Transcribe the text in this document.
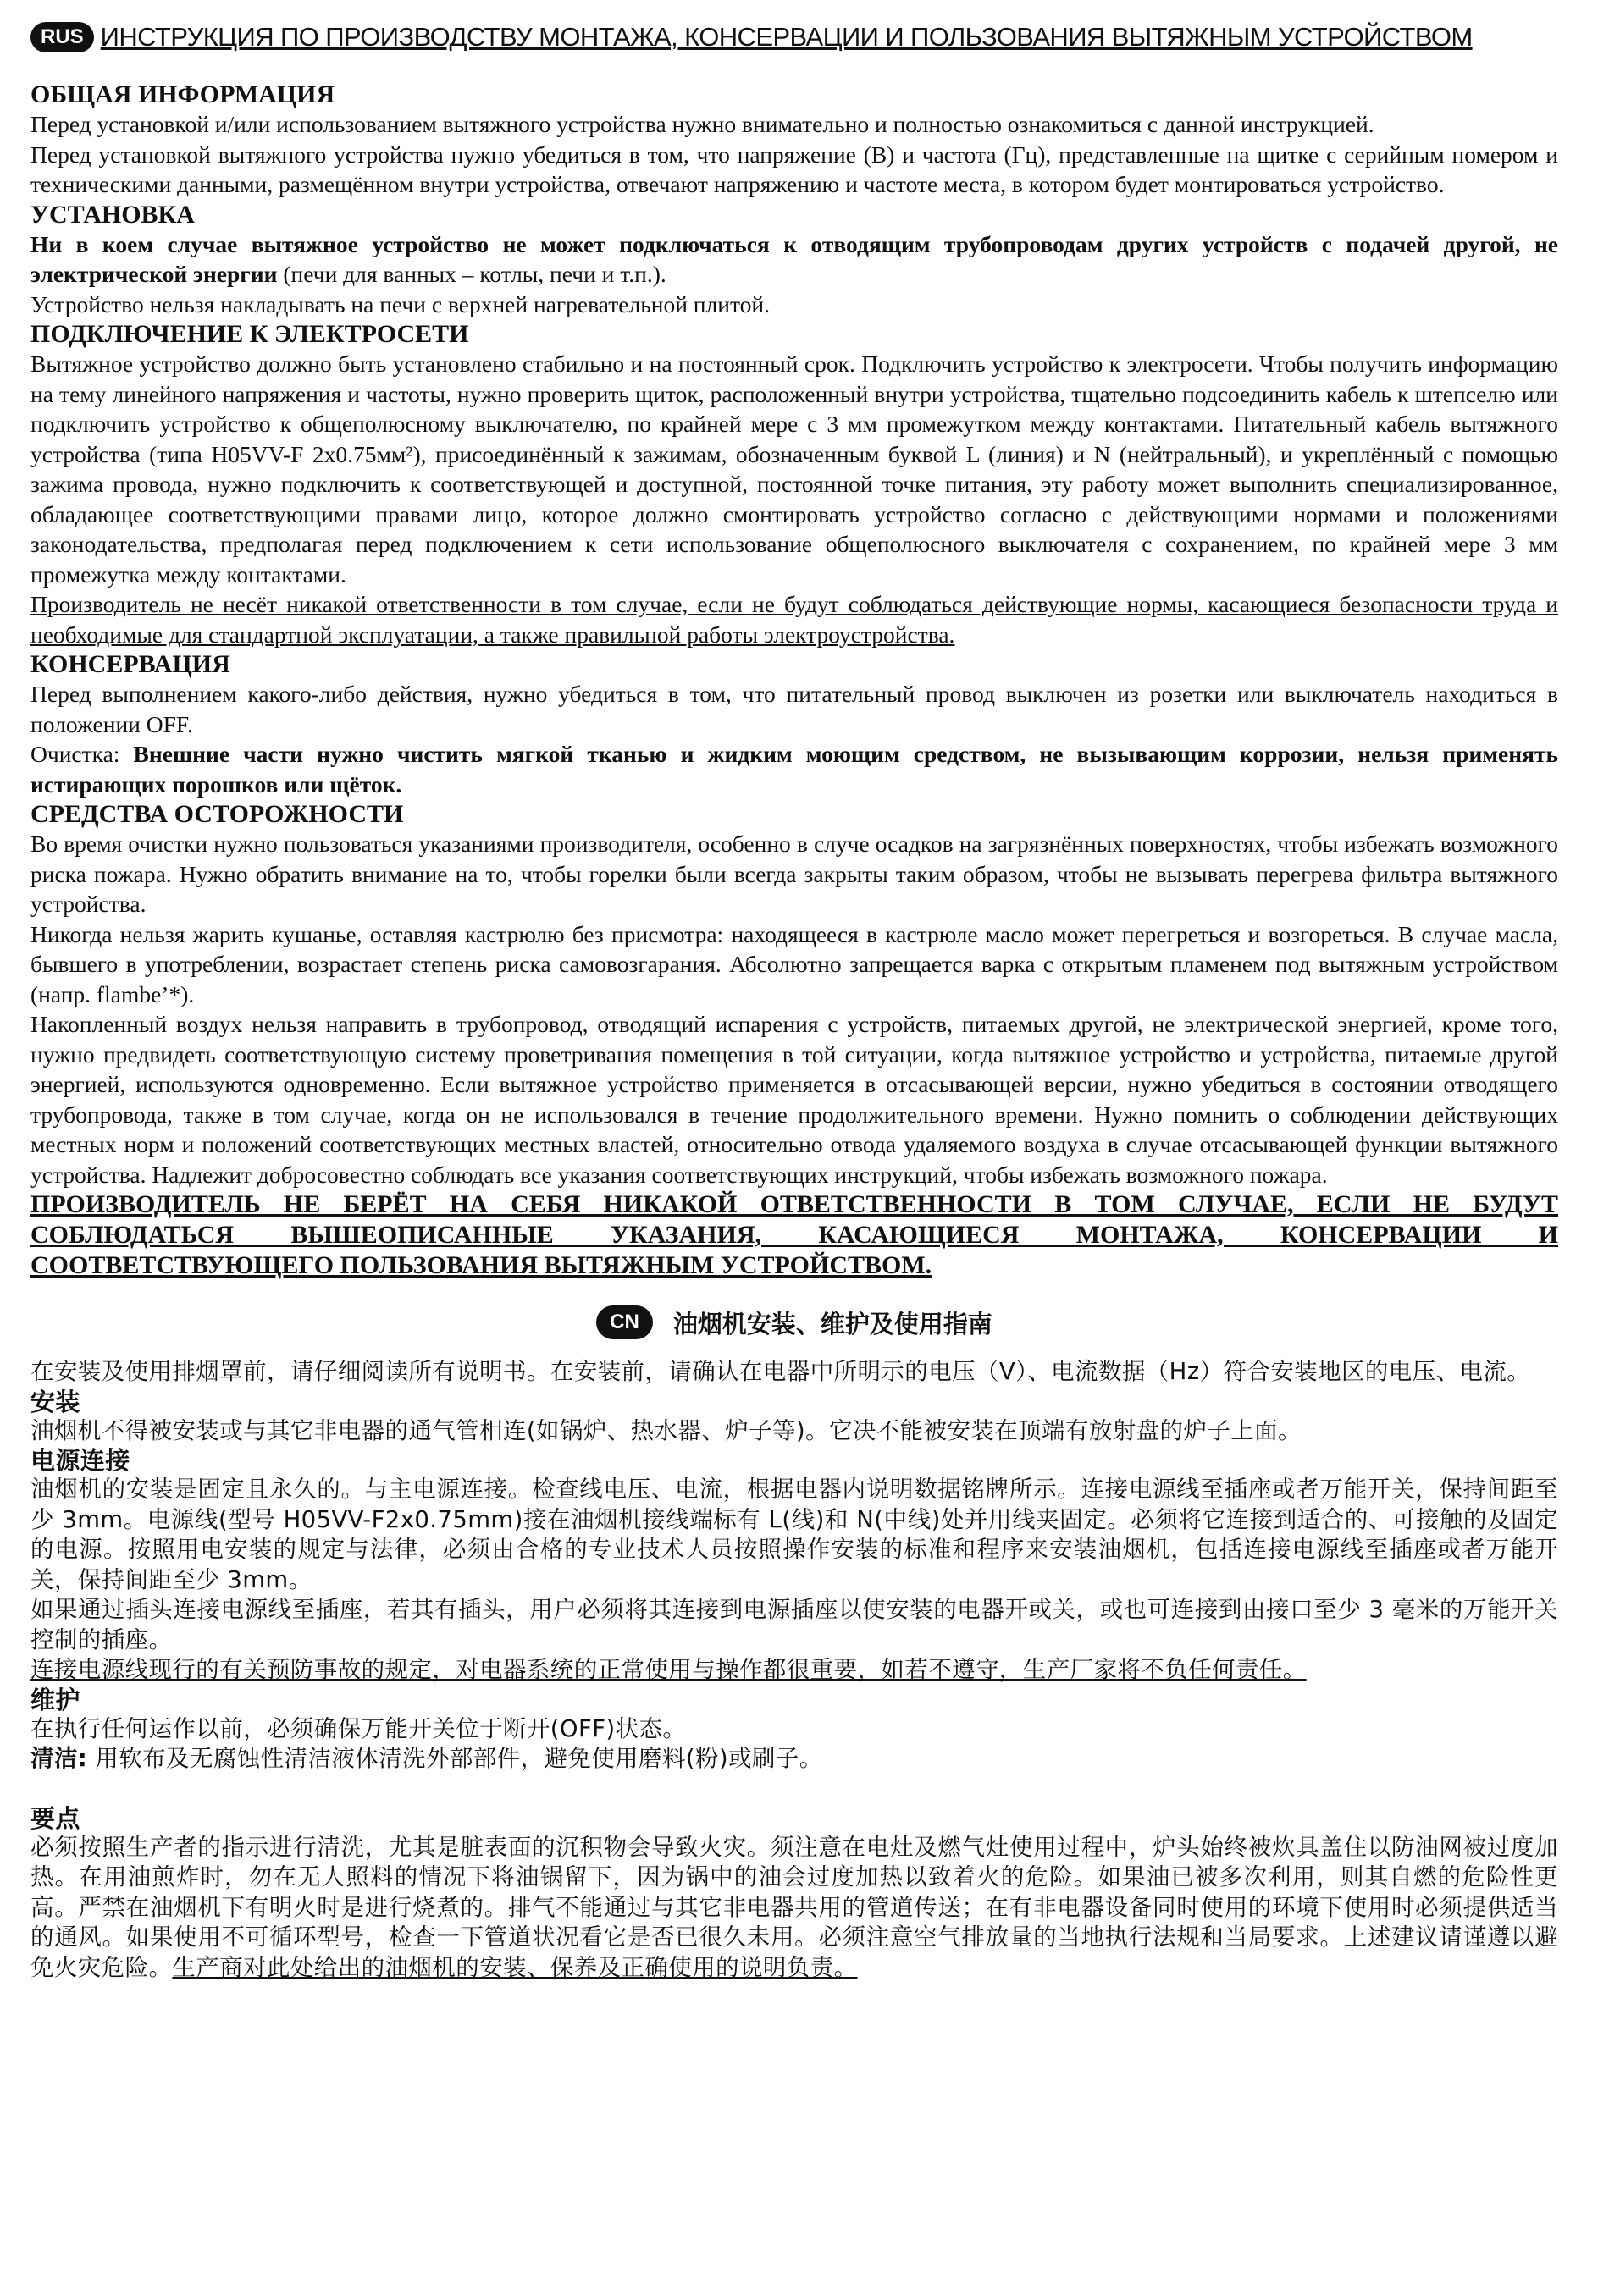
RUS ИНСТРУКЦИЯ ПО ПРОИЗВОДСТВУ МОНТАЖА, КОНСЕРВАЦИИ И ПОЛЬЗОВАНИЯ ВЫТЯЖНЫМ УСТРОЙСТВОМ
ОБЩАЯ ИНФОРМАЦИЯ

Перед установкой и/или использованием вытяжного устройства нужно внимательно и полностью ознакомиться с данной инструкцией.

Перед установкой вытяжного устройства нужно убедиться в том, что напряжение (В) и частота (Гц), представленные на щитке с серийным номером и техническими данными, размещённом внутри устройства, отвечают напряжению и частоте места, в котором будет монтироваться устройство.

УСТАНОВКА

Ни в коем случае вытяжное устройство не может подключаться к отводящим трубопроводам других устройств с подачей другой, не электрической энергии (печи для ванных – котлы, печи и т.п.).

Устройство нельзя накладывать на печи с верхней нагревательной плитой.

ПОДКЛЮЧЕНИЕ К ЭЛЕКТРОСЕТИ

Вытяжное устройство должно быть установлено стабильно и на постоянный срок. Подключить устройство к электросети. Чтобы получить информацию на тему линейного напряжения и частоты, нужно проверить щиток, расположенный внутри устройства, тщательно подсоединить кабель к штепселю или подключить устройство к общеполюсному выключателю, по крайней мере с 3 мм промежутком между контактами. Питательный кабель вытяжного устройства (типа H05VV-F 2x0.75мм²), присоединённый к зажимам, обозначенным буквой L (линия) и N (нейтральный), и укреплённый с помощью зажима провода, нужно подключить к соответствующей и доступной, постоянной точке питания, эту работу может выполнить специализированное, обладающее соответствующими правами лицо, которое должно смонтировать устройство согласно с действующими нормами и положениями законодательства, предполагая перед подключением к сети использование общеполюсного выключателя с сохранением, по крайней мере 3 мм промежутка между контактами.

Производитель не несёт никакой ответственности в том случае, если не будут соблюдаться действующие нормы, касающиеся безопасности труда и необходимые для стандартной эксплуатации, а также правильной работы электроустройства.

КОНСЕРВАЦИЯ

Перед выполнением какого-либо действия, нужно убедиться в том, что питательный провод выключен из розетки или выключатель находиться в положении OFF.

Очистка: Внешние части нужно чистить мягкой тканью и жидким моющим средством, не вызывающим коррозии, нельзя применять истирающих порошков или щёток.

СРЕДСТВА ОСТОРОЖНОСТИ

Во время очистки нужно пользоваться указаниями производителя, особенно в случе осадков на загрязнённых поверхностях, чтобы избежать возможного риска пожара. Нужно обратить внимание на то, чтобы горелки были всегда закрыты таким образом, чтобы не вызывать перегрева фильтра вытяжного устройства.

Никогда нельзя жарить кушанье, оставляя кастрюлю без присмотра: находящееся в кастрюле масло может перегреться и возгореться. В случае масла, бывшего в употреблении, возрастает степень риска самовозгарания. Абсолютно запрещается варка с открытым пламенем под вытяжным устройством (напр. flambe’*).

Накопленный воздух нельзя направить в трубопровод, отводящий испарения с устройств, питаемых другой, не электрической энергией, кроме того, нужно предвидеть соответствующую систему проветривания помещения в той ситуации, когда вытяжное устройство и устройства, питаемые другой энергией, используются одновременно. Если вытяжное устройство применяется в отсасывающей версии, нужно убедиться в состоянии отводящего трубопровода, также в том случае, когда он не использовался в течение продолжительного времени. Нужно помнить о соблюдении действующих местных норм и положений соответствующих местных властей, относительно отвода удаляемого воздуха в случае отсасывающей функции вытяжного устройства. Надлежит добросовестно соблюдать все указания соответствующих инструкций, чтобы избежать возможного пожара.

ПРОИЗВОДИТЕЛЬ НЕ БЕРЁТ НА СЕБЯ НИКАКОЙ ОТВЕТСТВЕННОСТИ В ТОМ СЛУЧАЕ, ЕСЛИ НЕ БУДУТ СОБЛЮДАТЬСЯ ВЫШЕОПИСАННЫЕ УКАЗАНИЯ, КАСАЮЩИЕСЯ МОНТАЖА, КОНСЕРВАЦИИ И СООТВЕТСТВУЮЩЕГО ПОЛЬЗОВАНИЯ ВЫТЯЖНЫМ УСТРОЙСТВОМ.

CN	油烟机安装、维护及使用指南

在安装及使用排烟罩前，请仔细阅读所有说明书。在安装前，请确认在电器中所明示的电压（V）、电流数据（Hz）符合安装地区的电压、电流。

安装

油烟机不得被安装或与其它非电器的通气管相连(如锅炉、热水器、炉子等)。它决不能被安装在顶端有放射盘的炉子上面。

电源连接

油烟机的安装是固定且永久的。与主电源连接。检查线电压、电流，根据电器内说明数据铭牌所示。连接电源线至插座或者万能开关，保持间距至少 3mm。电源线(型号 H05VV-F2x0.75mm)接在油烟机接线端标有 L(线)和 N(中线)处并用线夹固定。必须将它连接到适合的、可接触的及固定的电源。按照用电安装的规定与法律，必须由合格的专业技术人员按照操作安装的标准和程序来安装油烟机，包括连接电源线至插座或者万能开关，保持间距至少 3mm。

如果通过插头连接电源线至插座，若其有插头，用户必须将其连接到电源插座以使安装的电器开或关，或也可连接到由接口至少 3 毫米的万能开关控制的插座。

连接电源线现行的有关预防事故的规定，对电器系统的正常使用与操作都很重要，如若不遵守，生产厂家将不负任何责任。

维护

在执行任何运作以前，必须确保万能开关位于断开(OFF)状态。

清洁: 用软布及无腐蚀性清洁液体清洗外部部件，避免使用磨料(粉)或刷子。

要点

必须按照生产者的指示进行清洗，尤其是脏表面的沉积物会导致火灾。须注意在电灶及燃气灶使用过程中，炉头始终被炊具盖住以防油网被过度加热。在用油煎炸时，勿在无人照料的情况下将油锅留下，因为锅中的油会过度加热以致着火的危险。如果油已被多次利用，则其自燃的危险性更高。严禁在油烟机下有明火时是进行烧煮的。排气不能通过与其它非电器共用的管道传送；在有非电器设备同时使用的环境下使用时必须提供适当的通风。如果使用不可循环型号，检查一下管道状况看它是否已很久未用。必须注意空气排放量的当地执行法规和当局要求。上述建议请谨遵以避免火灾危险。生产商对此处给出的油烟机的安装、保养及正确使用的说明负责。
